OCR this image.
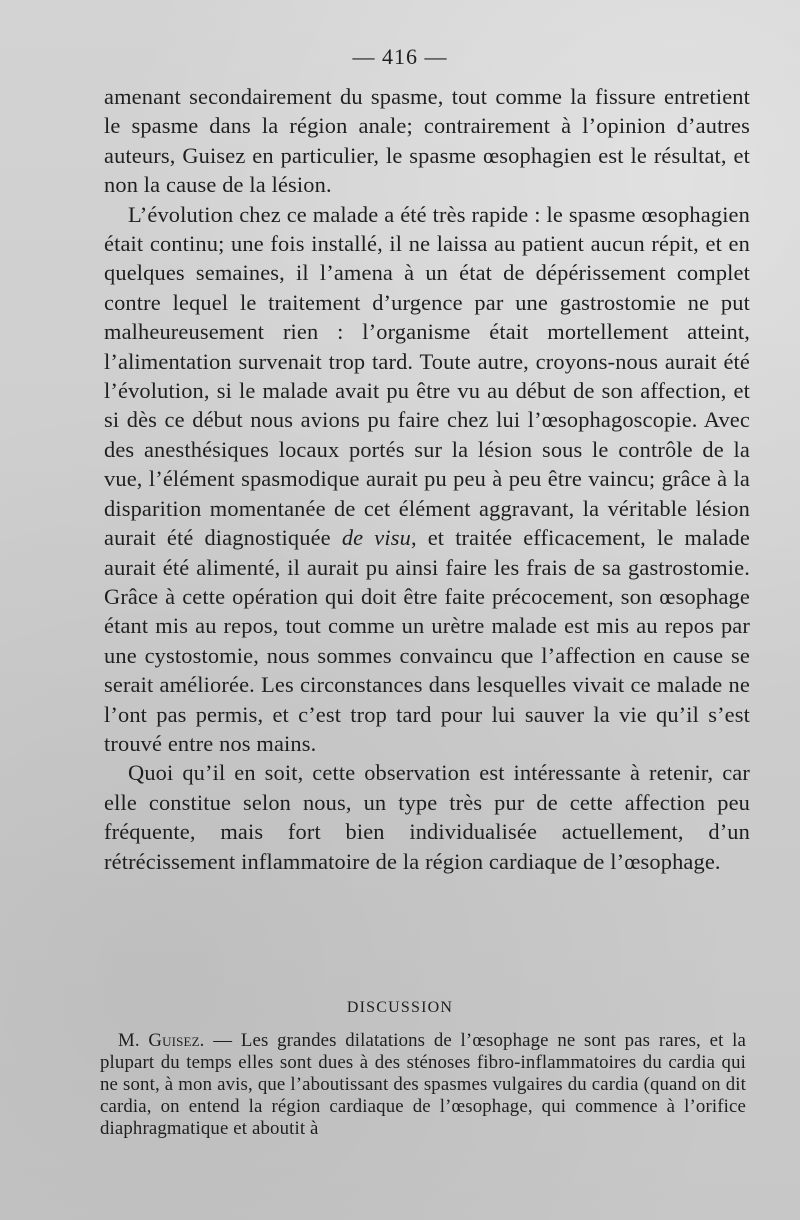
— 416 —

amenant secondairement du spasme, tout comme la fissure entretient le spasme dans la région anale; contrairement à l’opinion d’autres auteurs, Guisez en particulier, le spasme œsophagien est le résultat, et non la cause de la lésion.

L’évolution chez ce malade a été très rapide : le spasme œsophagien était continu; une fois installé, il ne laissa au patient aucun répit, et en quelques semaines, il l’amena à un état de dépérissement complet contre lequel le traitement d’urgence par une gastrostomie ne put malheureusement rien : l’organisme était mortellement atteint, l’alimentation survenait trop tard. Toute autre, croyons-nous aurait été l’évolution, si le malade avait pu être vu au début de son affection, et si dès ce début nous avions pu faire chez lui l’œsophagoscopie. Avec des anesthésiques locaux portés sur la lésion sous le contrôle de la vue, l’élément spasmodique aurait pu peu à peu être vaincu; grâce à la disparition momentanée de cet élément aggravant, la véritable lésion aurait été diagnostiquée de visu, et traitée efficacement, le malade aurait été alimenté, il aurait pu ainsi faire les frais de sa gastrostomie. Grâce à cette opération qui doit être faite précocement, son œsophage étant mis au repos, tout comme un urètre malade est mis au repos par une cystostomie, nous sommes convaincu que l’affection en cause se serait améliorée. Les circonstances dans lesquelles vivait ce malade ne l’ont pas permis, et c’est trop tard pour lui sauver la vie qu’il s’est trouvé entre nos mains.

Quoi qu’il en soit, cette observation est intéressante à retenir, car elle constitue selon nous, un type très pur de cette affection peu fréquente, mais fort bien individualisée actuellement, d’un rétrécissement inflammatoire de la région cardiaque de l’œsophage.

DISCUSSION

M. Guisez. — Les grandes dilatations de l’œsophage ne sont pas rares, et la plupart du temps elles sont dues à des sténoses fibro-inflammatoires du cardia qui ne sont, à mon avis, que l’aboutissant des spasmes vulgaires du cardia (quand on dit cardia, on entend la région cardiaque de l’œsophage, qui commence à l’orifice diaphragmatique et aboutit à
